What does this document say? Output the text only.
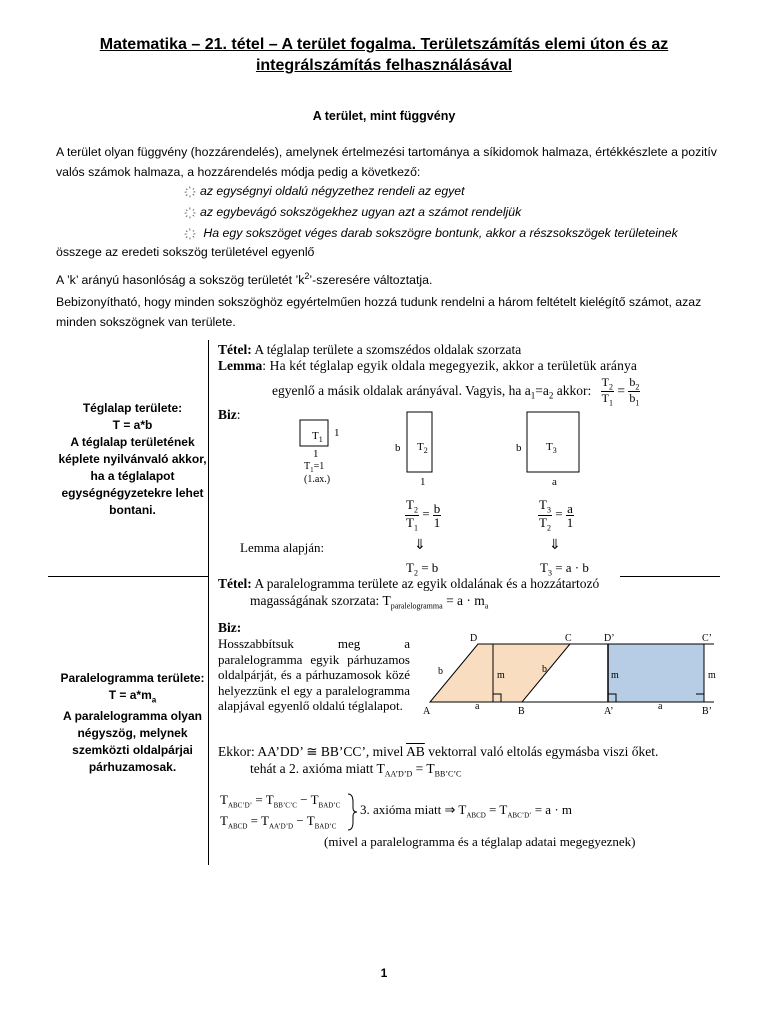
Matematika – 21. tétel – A terület fogalma. Területszámítás elemi úton és az
integrálszámítás felhasználásával
A terület, mint függvény
A terület olyan függvény (hozzárendelés), amelynek értelmezési tartománya a síkidomok halmaza, értékkészlete a pozitív valós számok halmaza, a hozzárendelés módja pedig a következő:
az egységnyi oldalú négyzethez rendeli az egyet
az egybevágó sokszögekhez ugyan azt a számot rendeljük
Ha egy sokszöget véges darab sokszögre bontunk, akkor a részsokszögek területeinek
összege az eredeti sokszög területével egyenlő
A ’k’ arányú hasonlóság a sokszög területét $’k^2$’-szeresére változtatja.
Bebizonyítható, hogy minden sokszöghöz egyértelműen hozzá tudunk rendelni a három feltételt kielégítő számot, azaz minden sokszögnek van területe.
Téglalap területe:
T = a*b
A téglalap területének képlete nyilvánvaló akkor, ha a téglalapot egységnégyzetekre lehet bontani.
Tétel: A téglalap területe a szomszédos oldalak szorzata
Lemma: Ha két téglalap egyik oldala megegyezik, akkor a területük aránya
egyenlő a másik oldalak arányával. Vagyis, ha $a_1=a_2$ akkor: $\frac{T_2}{T_1} = \frac{b_2}{b_1}$
Biz:
$T_1$
1
1
$T_1=1$
(1.ax.)
b $T_2$
1
b $T_3$
a
$\frac{T_2}{T_1} = \frac{b}{1}$	$\frac{T_3}{T_2} = \frac{a}{1}$
Lemma alapján:	⇓	⇓
$T_2 = b$	$T_3 = a \cdot b$
Paralelogramma területe:
$T = a*m_a$
A paralelogramma olyan négyszög, melynek szemközti oldalpárjai párhuzamosak.
Tétel: A paralelogramma területe az egyik oldalának és a hozzátartozó
magasságának szorzata: $T_{paralelogramma} = a \cdot m_a$
Biz:
Hosszabbítsuk meg a paralelogramma egyik párhuzamos oldalpárját, és a párhuzamosok közé helyezzünk el egy a paralelogramma alapjával egyenlő oldalú téglalapot.
D	C	D’	C’
A	B	A’	B’
a	a
b	b
m	m	m
Ekkor: AA’DD’ ≅ BB’CC’, mivel $\overline{AB}$ vektorral való eltolás egymásba viszi őket.
tehát a 2. axióma miatt $T_{AA’D’D} = T_{BB’C’C}$
$T_{ABC’D’} = T_{BB’C’C} - T_{BAD’C}$
$T_{ABCD} = T_{AA’D’D} - T_{BAD’C}$
3. axióma miatt ⇒ $T_{ABCD} = T_{ABC’D’} = a \cdot m$
(mivel a paralelogramma és a téglalap adatai megegyeznek)
1
